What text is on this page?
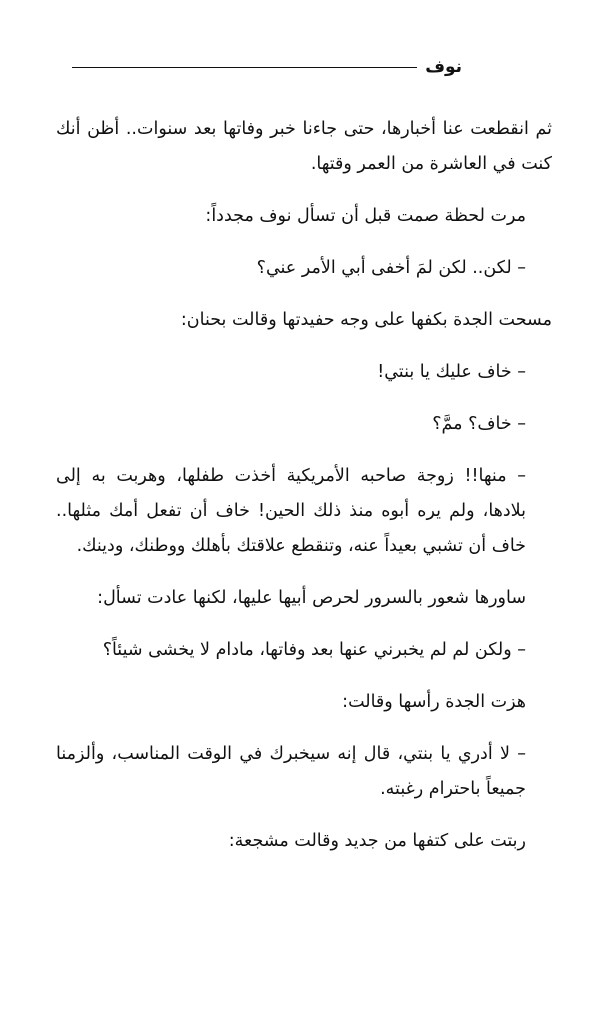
نوف

ثم انقطعت عنا أخبارها، حتى جاءنا خبر وفاتها بعد سنوات.. أظن أنك كنت في العاشرة من العمر وقتها.

مرت لحظة صمت قبل أن تسأل نوف مجدداً:

– لكن.. لكن لمَ أخفى أبي الأمر عني؟

مسحت الجدة بكفها على وجه حفيدتها وقالت بحنان:

– خاف عليك يا بنتي!

– خاف؟ ممَّ؟

– منها!! زوجة صاحبه الأمريكية أخذت طفلها، وهربت به إلى بلادها، ولم يره أبوه منذ ذلك الحين! خاف أن تفعل أمك مثلها.. خاف أن تشبي بعيداً عنه، وتنقطع علاقتك بأهلك ووطنك، ودينك.

ساورها شعور بالسرور لحرص أبيها عليها، لكنها عادت تسأل:

– ولكن لم لم يخبرني عنها بعد وفاتها، مادام لا يخشى شيئاً؟

هزت الجدة رأسها وقالت:

– لا أدري يا بنتي، قال إنه سيخبرك في الوقت المناسب، وألزمنا جميعاً باحترام رغبته.

ربتت على كتفها من جديد وقالت مشجعة:
